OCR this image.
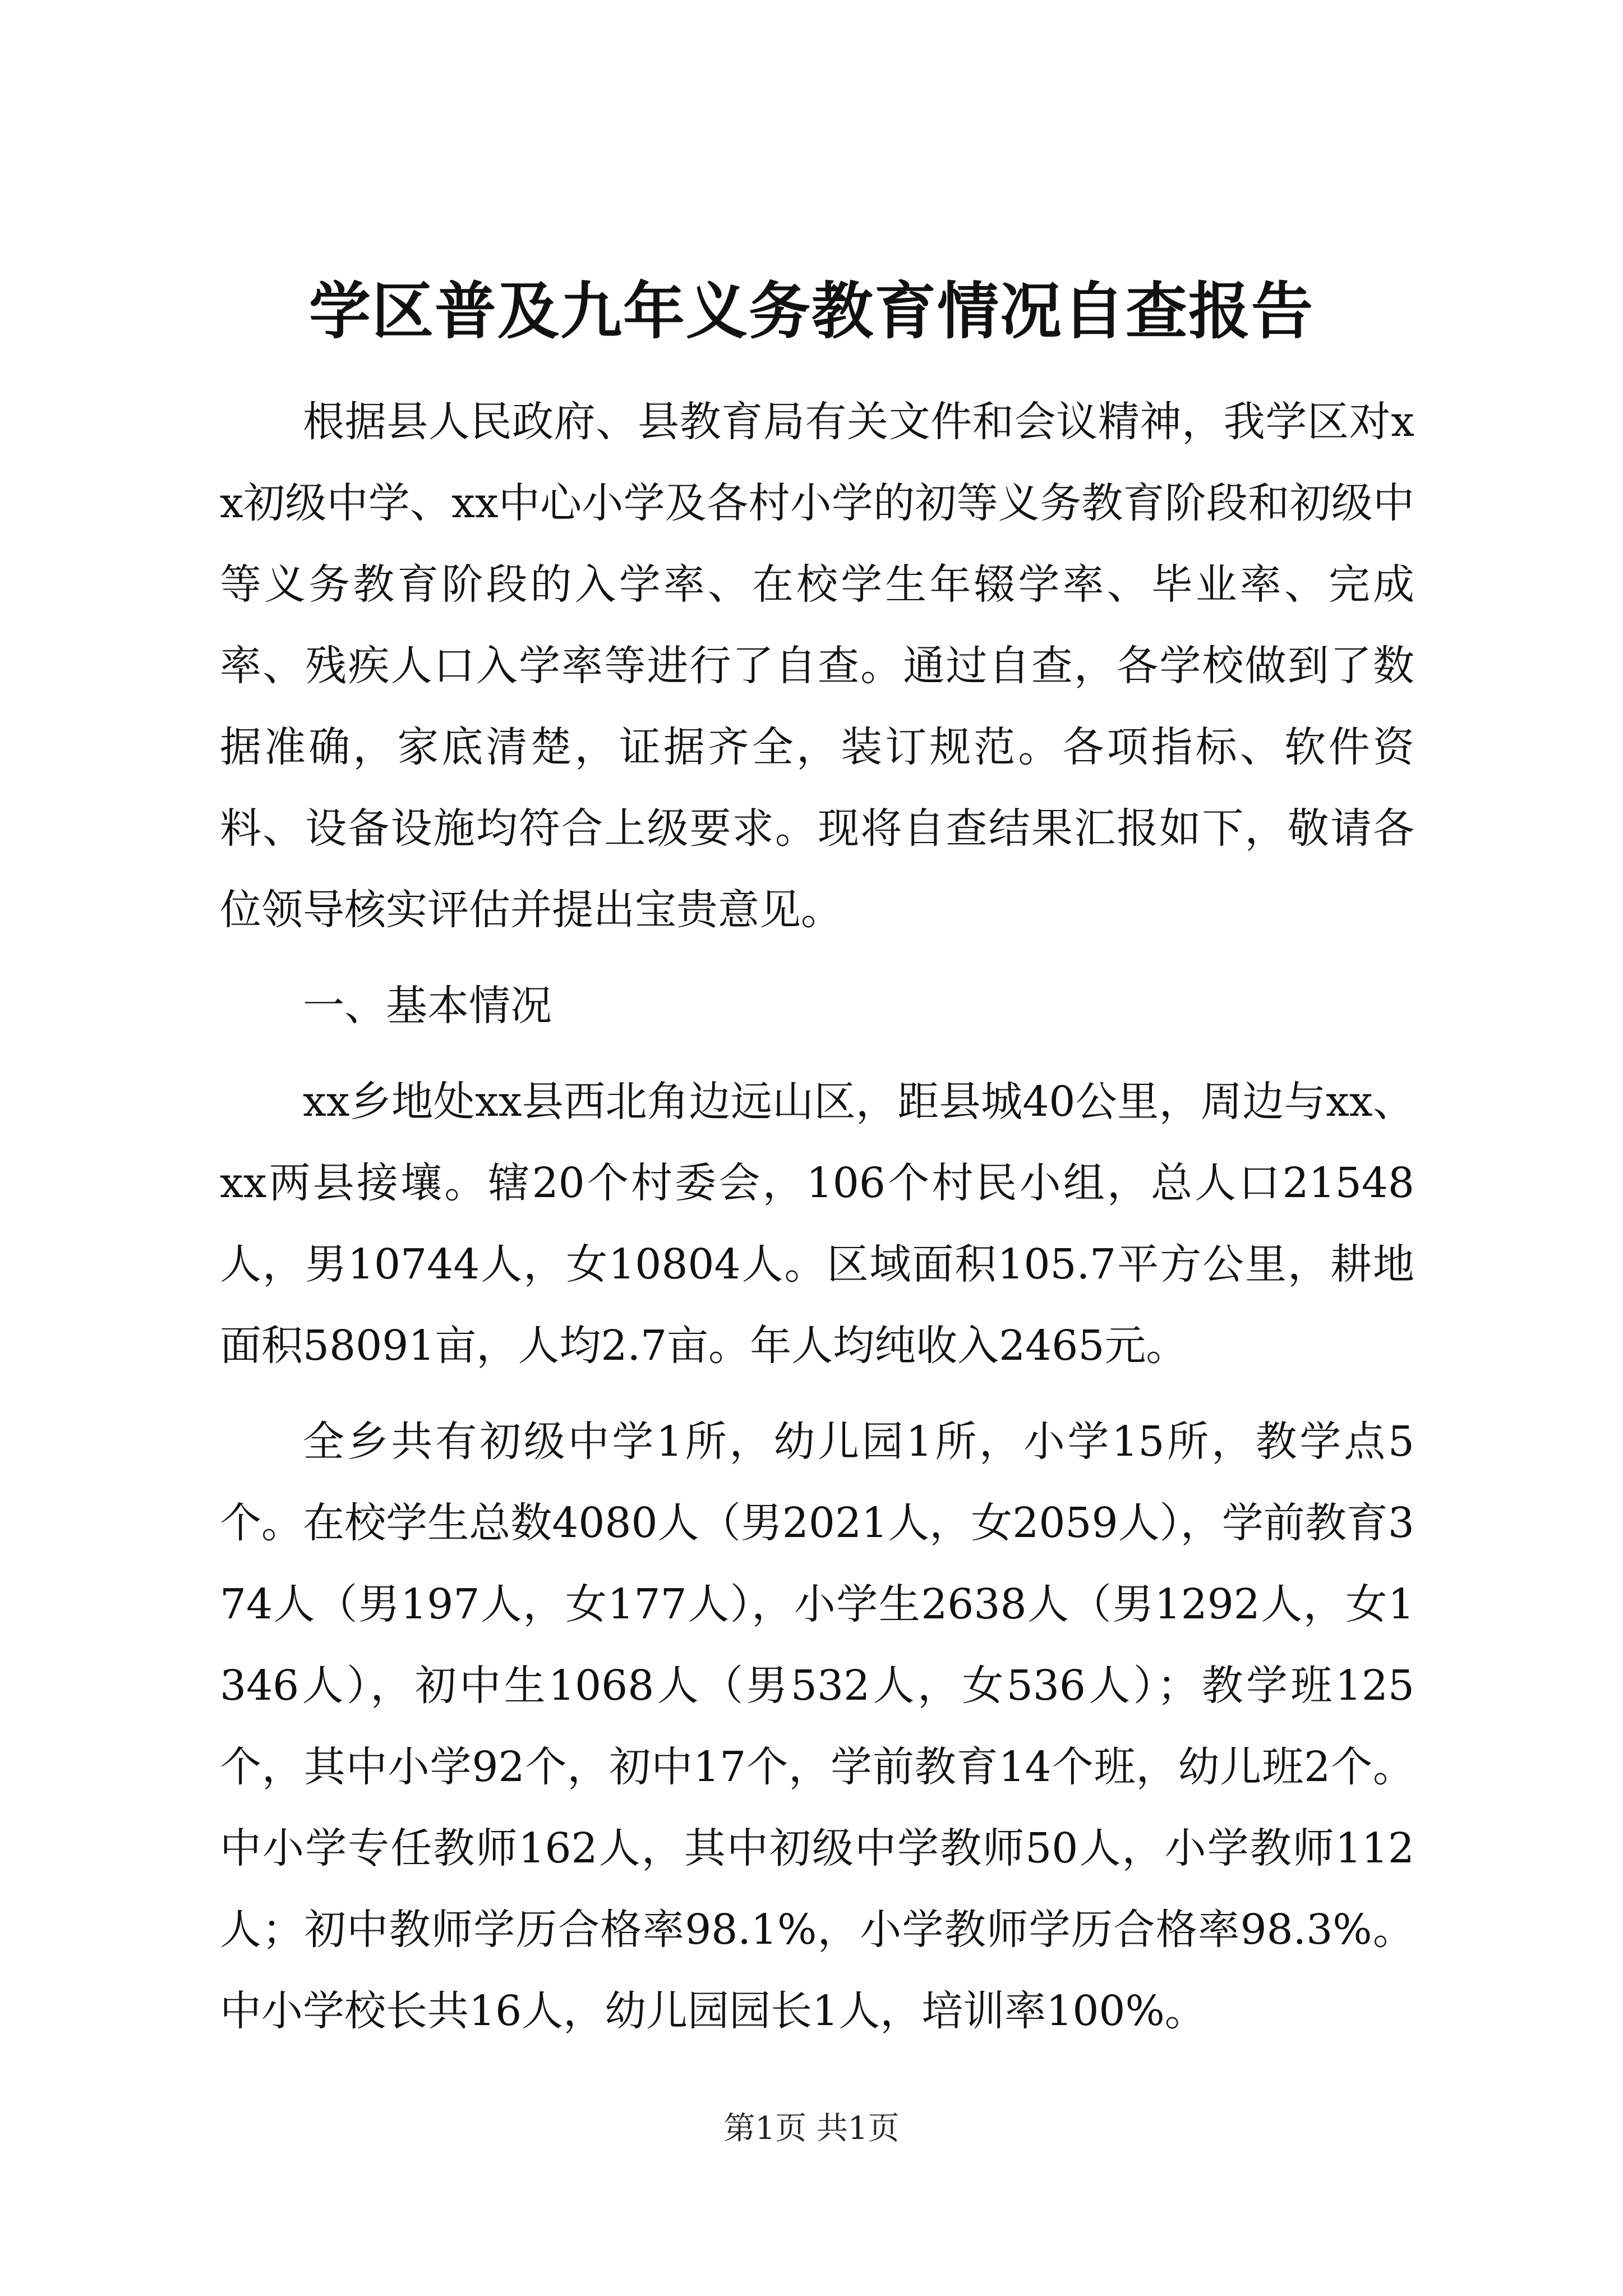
学区普及九年义务教育情况自查报告

根据县人民政府、县教育局有关文件和会议精神，我学区对xx初级中学、xx中心小学及各村小学的初等义务教育阶段和初级中等义务教育阶段的入学率、在校学生年辍学率、毕业率、完成率、残疾人口入学率等进行了自查。通过自查，各学校做到了数据准确，家底清楚，证据齐全，装订规范。各项指标、软件资料、设备设施均符合上级要求。现将自查结果汇报如下，敬请各位领导核实评估并提出宝贵意见。

一、基本情况

xx乡地处xx县西北角边远山区，距县城40公里，周边与xx、xx两县接壤。辖20个村委会，106个村民小组，总人口21548人，男10744人，女10804人。区域面积105.7平方公里，耕地面积58091亩，人均2.7亩。年人均纯收入2465元。

全乡共有初级中学1所，幼儿园1所，小学15所，教学点5个。在校学生总数4080人（男2021人，女2059人），学前教育374人（男197人，女177人），小学生2638人（男1292人，女1346人），初中生1068人（男532人，女536人）；教学班125个，其中小学92个，初中17个，学前教育14个班，幼儿班2个。中小学专任教师162人，其中初级中学教师50人，小学教师112人；初中教师学历合格率98.1%，小学教师学历合格率98.3%。中小学校长共16人，幼儿园园长1人，培训率100%。

第1页 共1页
